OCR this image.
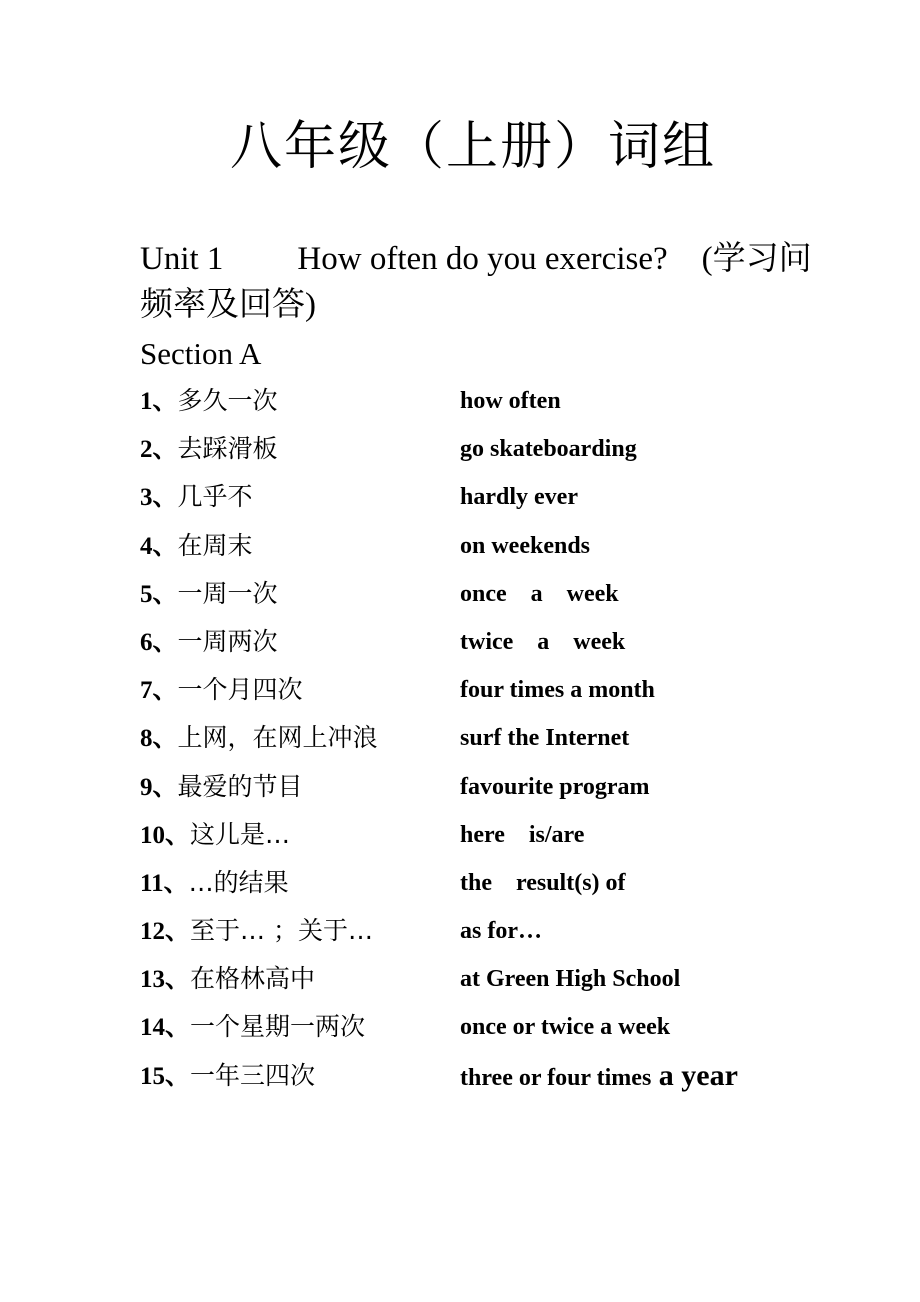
八年级（上册）词组
Unit 1 How often do you exercise? (学习问频率及回答)
Section A
1、多久一次	how often
2、去踩滑板	go skateboarding
3、几乎不	hardly ever
4、在周末	on weekends
5、一周一次	once    a    week
6、一周两次	twice    a    week
7、一个月四次	four times a month
8、上网，在网上冲浪	surf the Internet
9、最爱的节目	favourite program
10、这儿是…	here    is/are
11、…的结果	the    result(s) of
12、至于… ；关于…	as for…
13、在格林高中	at Green High School
14、一个星期一两次	once or twice a week
15、一年三四次	three or four times a year
